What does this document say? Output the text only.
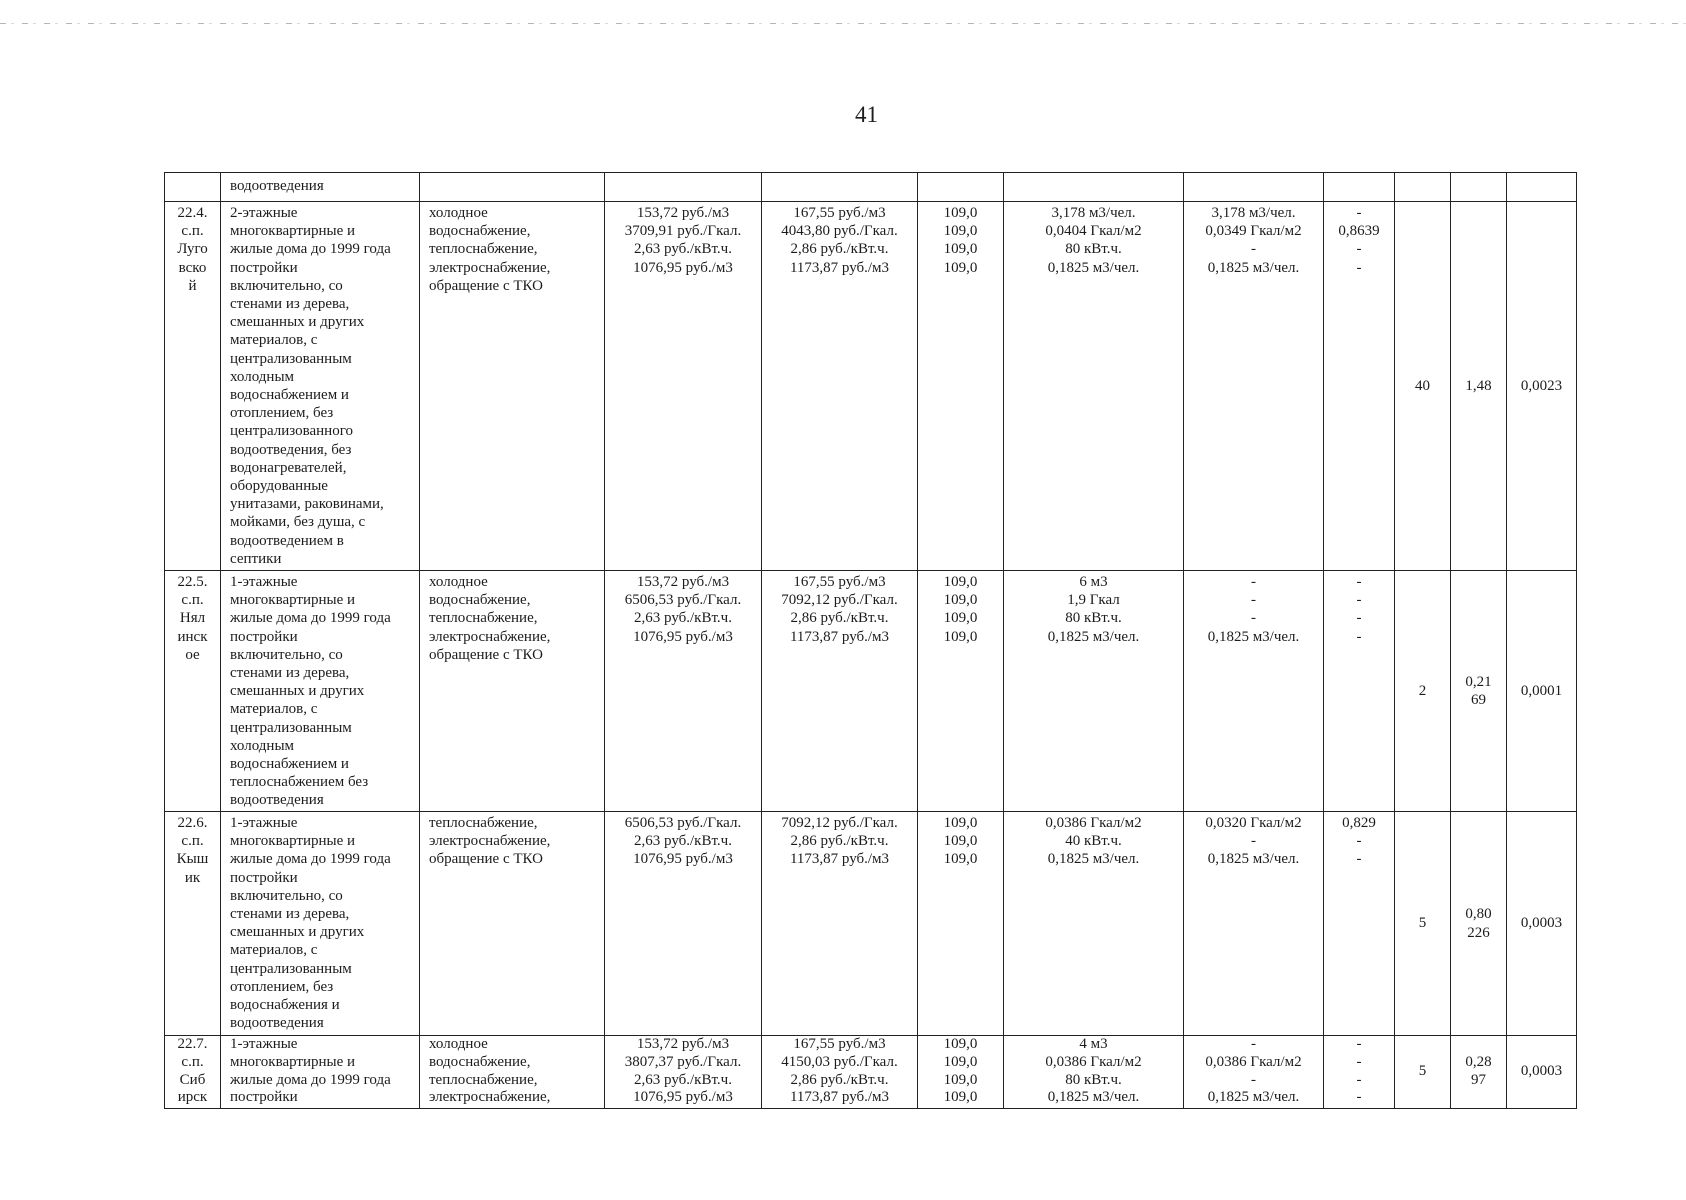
41
водоотведения
22.4.
с.п.
Луго
вско
й
2-этажные
многоквартирные и
жилые дома до 1999 года
постройки
включительно, со
стенами из дерева,
смешанных и других
материалов, с
централизованным
холодным
водоснабжением и
отоплением, без
централизованного
водоотведения, без
водонагревателей,
оборудованные
унитазами, раковинами,
мойками, без душа, с
водоотведением в
септики
холодное
водоснабжение,
теплоснабжение,
электроснабжение,
обращение с ТКО
153,72 руб./м3
3709,91 руб./Гкал.
2,63 руб./кВт.ч.
1076,95 руб./м3
167,55 руб./м3
4043,80 руб./Гкал.
2,86 руб./кВт.ч.
1173,87 руб./м3
109,0
109,0
109,0
109,0
3,178 м3/чел.
0,0404 Гкал/м2
80 кВт.ч.
0,1825 м3/чел.
3,178 м3/чел.
0,0349 Гкал/м2
-
0,1825 м3/чел.
-
0,8639
-
-
40 1,48 0,0023
22.5.
с.п.
Нял
инск
ое
1-этажные
многоквартирные и
жилые дома до 1999 года
постройки
включительно, со
стенами из дерева,
смешанных и других
материалов, с
централизованным
холодным
водоснабжением и
теплоснабжением без
водоотведения
холодное
водоснабжение,
теплоснабжение,
электроснабжение,
обращение с ТКО
153,72 руб./м3
6506,53 руб./Гкал.
2,63 руб./кВт.ч.
1076,95 руб./м3
167,55 руб./м3
7092,12 руб./Гкал.
2,86 руб./кВт.ч.
1173,87 руб./м3
109,0
109,0
109,0
109,0
6 м3
1,9 Гкал
80 кВт.ч.
0,1825 м3/чел.
-
-
-
0,1825 м3/чел.
-
-
-
-
2
0,21
69
0,0001
22.6.
с.п.
Кыш
ик
1-этажные
многоквартирные и
жилые дома до 1999 года
постройки
включительно, со
стенами из дерева,
смешанных и других
материалов, с
централизованным
отоплением, без
водоснабжения и
водоотведения
теплоснабжение,
электроснабжение,
обращение с ТКО
6506,53 руб./Гкал.
2,63 руб./кВт.ч.
1076,95 руб./м3
7092,12 руб./Гкал.
2,86 руб./кВт.ч.
1173,87 руб./м3
109,0
109,0
109,0
0,0386 Гкал/м2
40 кВт.ч.
0,1825 м3/чел.
0,0320 Гкал/м2
-
0,1825 м3/чел.
0,829
-
-
5
0,80
226
0,0003
22.7.
с.п.
Сиб
ирск
1-этажные
многоквартирные и
жилые дома до 1999 года
постройки
холодное
водоснабжение,
теплоснабжение,
электроснабжение,
153,72 руб./м3
3807,37 руб./Гкал.
2,63 руб./кВт.ч.
1076,95 руб./м3
167,55 руб./м3
4150,03 руб./Гкал.
2,86 руб./кВт.ч.
1173,87 руб./м3
109,0
109,0
109,0
109,0
4 м3
0,0386 Гкал/м2
80 кВт.ч.
0,1825 м3/чел.
-
0,0386 Гкал/м2
-
0,1825 м3/чел.
-
-
-
-
5
0,28
97
0,0003
